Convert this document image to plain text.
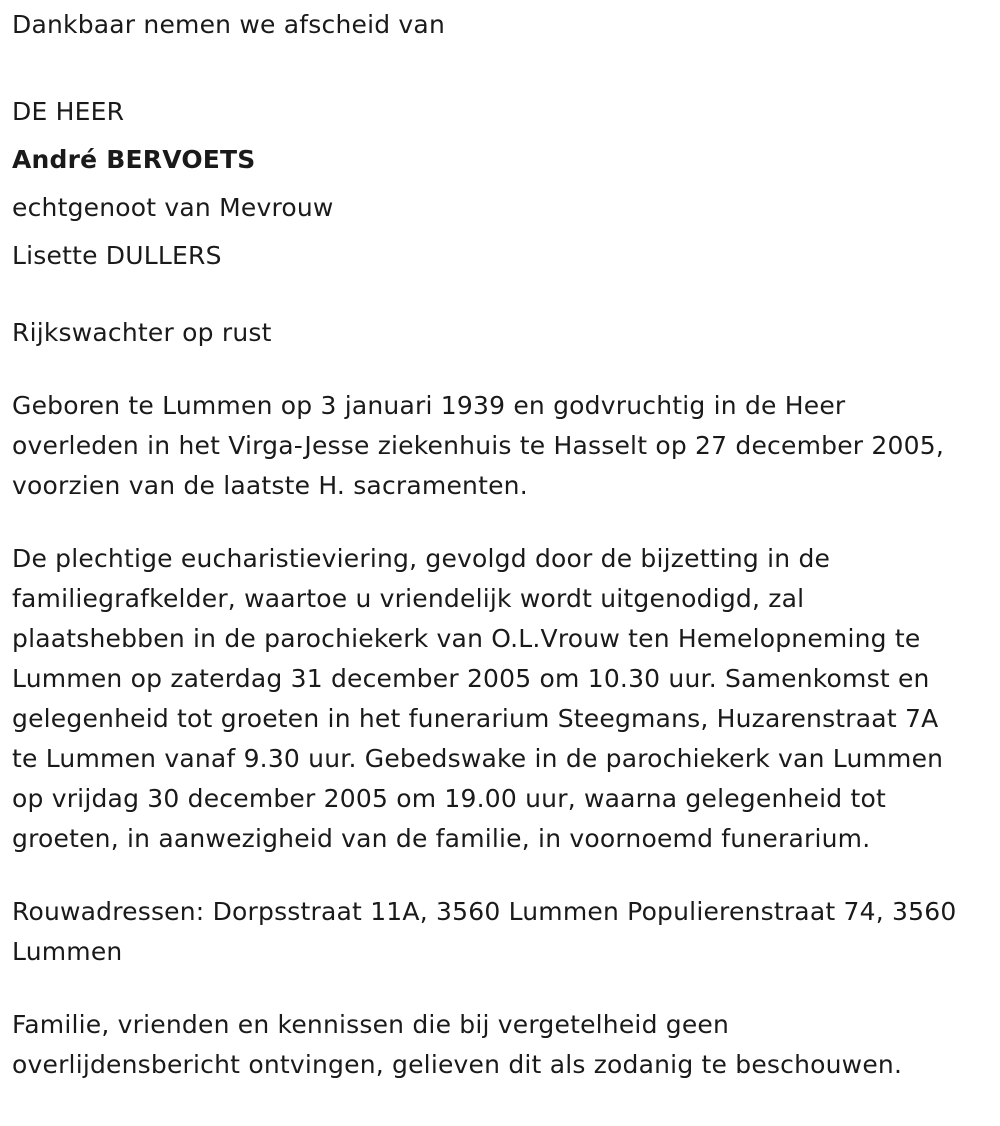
Dankbaar nemen we afscheid van
DE HEER
André BERVOETS
echtgenoot van Mevrouw
Lisette DULLERS
Rijkswachter op rust
Geboren te Lummen op 3 januari 1939 en godvruchtig in de Heer
overleden in het Virga-Jesse ziekenhuis te Hasselt op 27 december 2005,
voorzien van de laatste H. sacramenten.
De plechtige eucharistieviering, gevolgd door de bijzetting in de
familiegrafkelder, waartoe u vriendelijk wordt uitgenodigd, zal
plaatshebben in de parochiekerk van O.L.Vrouw ten Hemelopneming te
Lummen op zaterdag 31 december 2005 om 10.30 uur. Samenkomst en
gelegenheid tot groeten in het funerarium Steegmans, Huzarenstraat 7A
te Lummen vanaf 9.30 uur. Gebedswake in de parochiekerk van Lummen
op vrijdag 30 december 2005 om 19.00 uur, waarna gelegenheid tot
groeten, in aanwezigheid van de familie, in voornoemd funerarium.
Rouwadressen: Dorpsstraat 11A, 3560 Lummen Populierenstraat 74, 3560
Lummen
Familie, vrienden en kennissen die bij vergetelheid geen
overlijdensbericht ontvingen, gelieven dit als zodanig te beschouwen.
